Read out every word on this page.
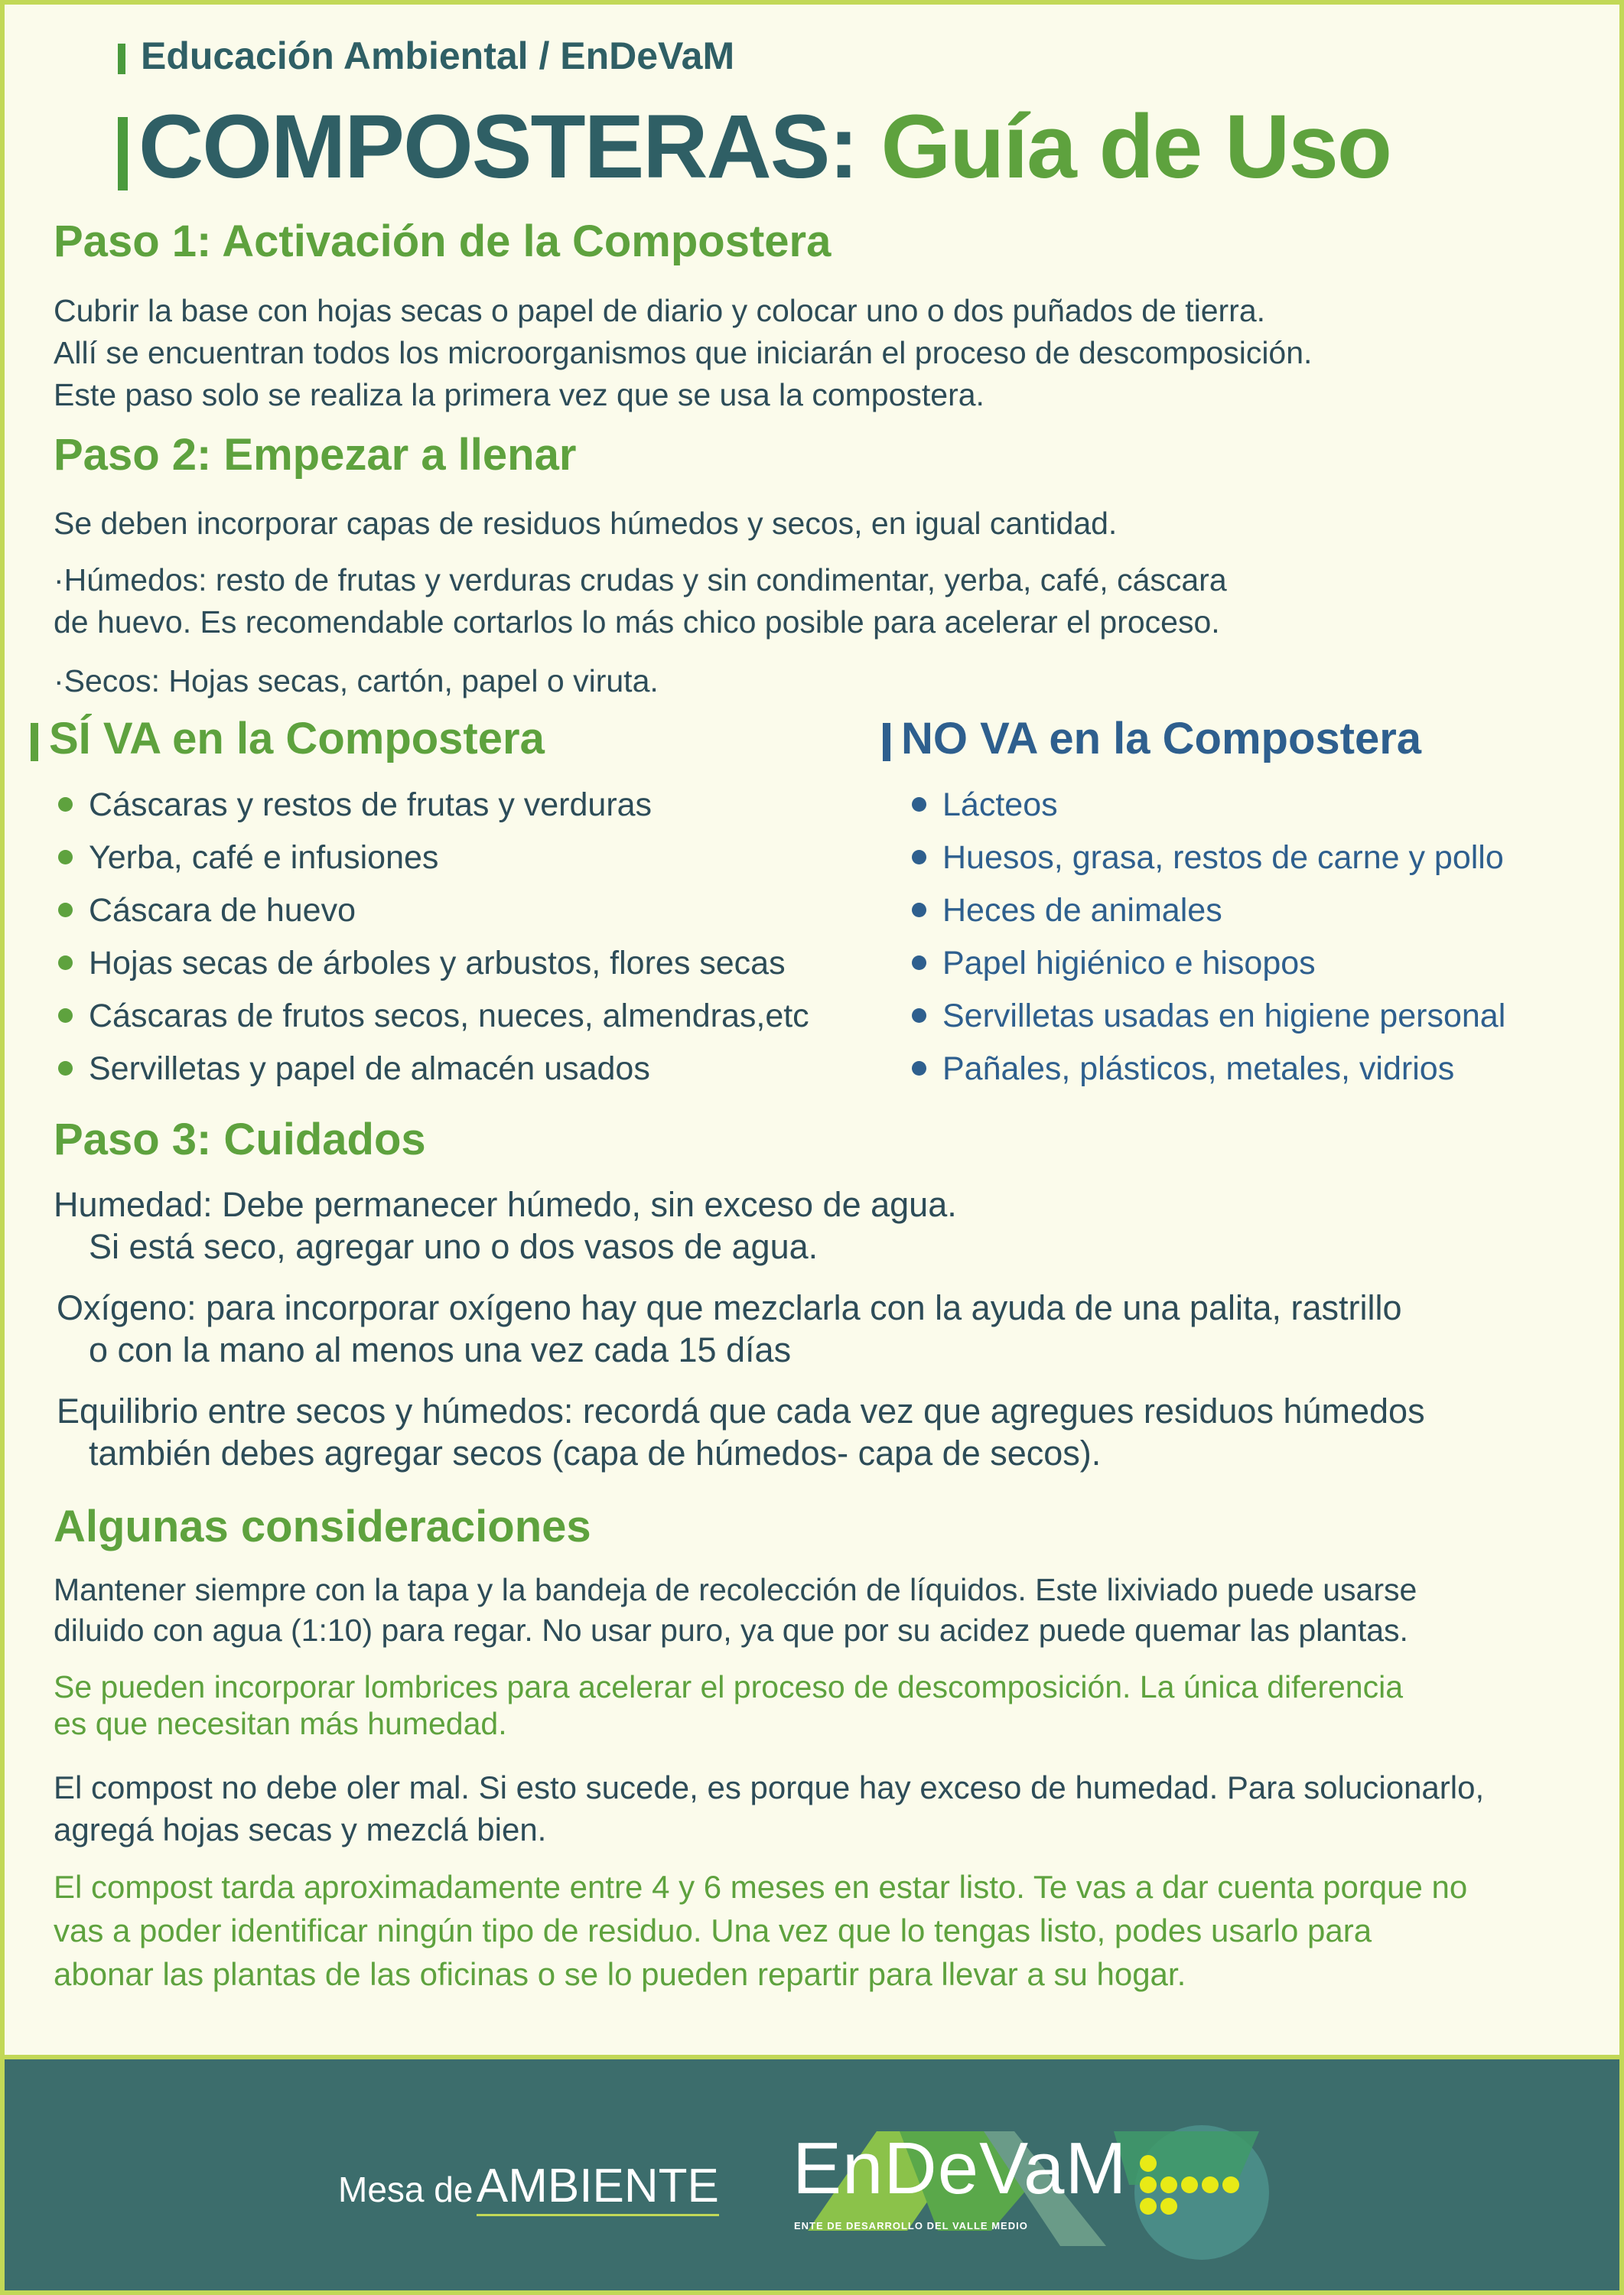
Educación Ambiental / EnDeVaM
COMPOSTERAS: Guía de Uso
Paso 1: Activación de la Compostera
Cubrir la base con hojas secas o papel de diario y colocar uno o dos puñados de tierra.
Allí se encuentran todos los microorganismos que iniciarán el proceso de descomposición.
Este paso solo se realiza la primera vez que se usa la compostera.
Paso 2: Empezar a llenar
Se deben incorporar capas de residuos húmedos y secos, en igual cantidad.
·Húmedos: resto de frutas y verduras crudas y sin condimentar, yerba, café, cáscara
de huevo. Es recomendable cortarlos lo más chico posible para acelerar el proceso.
·Secos: Hojas secas, cartón, papel o viruta.
SÍ VA en la Compostera
Cáscaras y restos de frutas y verduras
Yerba, café e infusiones
Cáscara de huevo
Hojas secas de árboles y arbustos, flores secas
Cáscaras de frutos secos, nueces, almendras,etc
Servilletas y papel de almacén usados
NO VA en la Compostera
Lácteos
Huesos, grasa, restos de carne y pollo
Heces de animales
Papel higiénico e hisopos
Servilletas usadas en higiene personal
Pañales, plásticos, metales, vidrios
Paso 3: Cuidados
Humedad: Debe permanecer húmedo, sin exceso de agua.
Si está seco, agregar uno o dos vasos de agua.
Oxígeno: para incorporar oxígeno hay que mezclarla con la ayuda de una palita, rastrillo
o con la mano al menos una vez cada 15 días
Equilibrio entre secos y húmedos: recordá que cada vez que agregues residuos húmedos
también debes agregar secos (capa de húmedos- capa de secos).
Algunas consideraciones
Mantener siempre con la tapa y la bandeja de recolección de líquidos. Este lixiviado puede usarse
diluido con agua (1:10) para regar. No usar puro, ya que por su acidez puede quemar las plantas.
Se pueden incorporar lombrices para acelerar el proceso de descomposición. La única diferencia
es que necesitan más humedad.
El compost no debe oler mal. Si esto sucede, es porque hay exceso de humedad. Para solucionarlo,
agregá hojas secas y mezclá bien.
El compost tarda aproximadamente entre 4 y 6 meses en estar listo. Te vas a dar cuenta porque no
vas a poder identificar ningún tipo de residuo. Una vez que lo tengas listo, podes usarlo para
abonar las plantas de las oficinas o se lo pueden repartir para llevar a su hogar.
Mesa de AMBIENTE EnDeVaM
ENTE DE DESARROLLO DEL VALLE MEDIO
